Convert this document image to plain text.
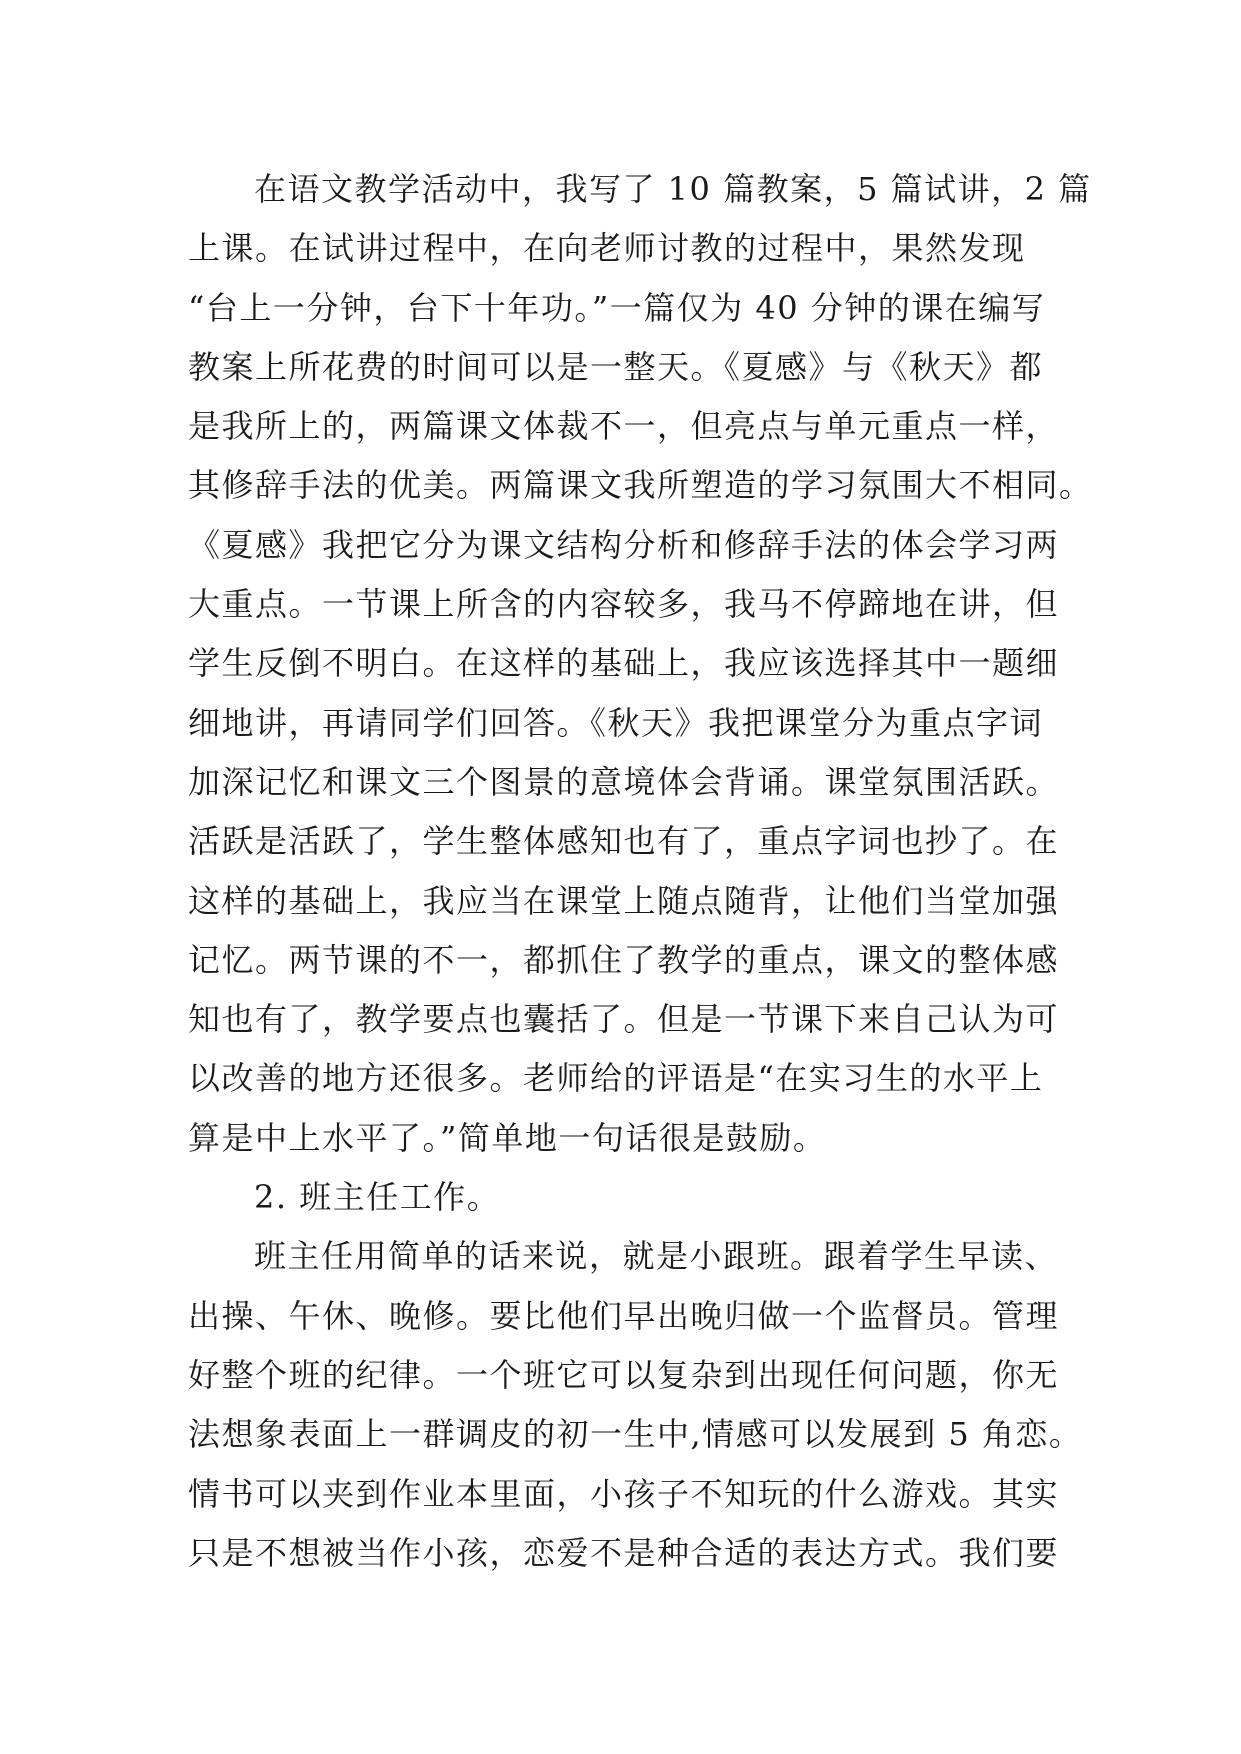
在语文教学活动中，我写了 10 篇教案，5 篇试讲，2 篇

上课。在试讲过程中，在向老师讨教的过程中，果然发现

“台上一分钟，台下十年功。”一篇仅为 40 分钟的课在编写

教案上所花费的时间可以是一整天。《夏感》与《秋天》都

是我所上的，两篇课文体裁不一，但亮点与单元重点一样，

其修辞手法的优美。两篇课文我所塑造的学习氛围大不相同。

《夏感》我把它分为课文结构分析和修辞手法的体会学习两

大重点。一节课上所含的内容较多，我马不停蹄地在讲，但

学生反倒不明白。在这样的基础上，我应该选择其中一题细

细地讲，再请同学们回答。《秋天》我把课堂分为重点字词

加深记忆和课文三个图景的意境体会背诵。课堂氛围活跃。

活跃是活跃了，学生整体感知也有了，重点字词也抄了。在

这样的基础上，我应当在课堂上随点随背，让他们当堂加强

记忆。两节课的不一，都抓住了教学的重点，课文的整体感

知也有了，教学要点也囊括了。但是一节课下来自己认为可

以改善的地方还很多。老师给的评语是“在实习生的水平上

算是中上水平了。”简单地一句话很是鼓励。

2. 班主任工作。

班主任用简单的话来说，就是小跟班。跟着学生早读、

出操、午休、晚修。要比他们早出晚归做一个监督员。管理

好整个班的纪律。一个班它可以复杂到出现任何问题，你无

法想象表面上一群调皮的初一生中,情感可以发展到 5 角恋。

情书可以夹到作业本里面，小孩子不知玩的什么游戏。其实

只是不想被当作小孩，恋爱不是种合适的表达方式。我们要
